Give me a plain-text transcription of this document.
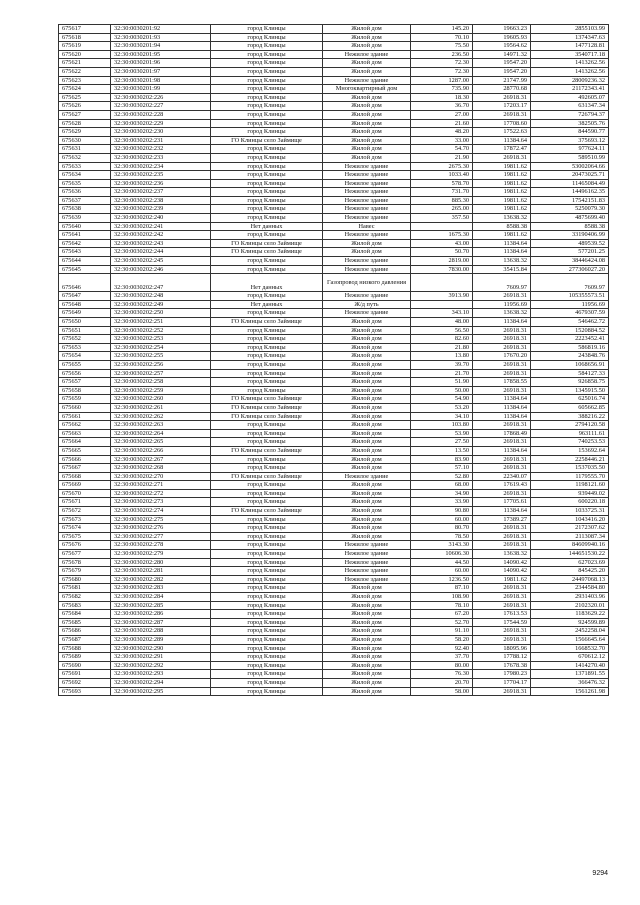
675617	32:30:0030201:92	город Клинцы	Жилой дом	145.20	19663.23	2855103.99
675618	32:30:0030201:93	город Клинцы	Жилой дом	70.10	19605.93	1374347.63
675619	32:30:0030201:94	город Клинцы	Жилой дом	75.50	19564.62	1477128.81
675620	32:30:0030201:95	город Клинцы	Нежилое здание	236.50	14971.32	3540717.18
675621	32:30:0030201:96	город Клинцы	Жилой дом	72.30	19547.20	1413262.56
675622	32:30:0030201:97	город Клинцы	Жилой дом	72.30	19547.20	1413262.56
675623	32:30:0030201:98	город Клинцы	Нежилое здание	1287.00	21747.99	28009236.32
675624	32:30:0030201:99	город Клинцы	Многоквартирный дом	735.90	28770.68	21172343.41
675625	32:30:0030202:226	город Клинцы	Жилой дом	18.30	26918.31	492605.07
675626	32:30:0030202:227	город Клинцы	Жилой дом	36.70	17203.17	631347.34
675627	32:30:0030202:228	город Клинцы	Жилой дом	27.00	26918.31	726794.37
675628	32:30:0030202:229	город Клинцы	Жилой дом	21.60	17708.60	382505.76
675629	32:30:0030202:230	город Клинцы	Жилой дом	48.20	17522.63	844590.77
675630	32:30:0030202:231	ГО Клинцы село Займище	Жилой дом	33.00	11384.64	375693.12
675631	32:30:0030202:232	город Клинцы	Жилой дом	54.70	17872.47	977624.11
675632	32:30:0030202:233	город Клинцы	Жилой дом	21.90	26918.31	589510.99
675633	32:30:0030202:234	город Клинцы	Нежилое здание	2675.30	19811.62	53002064.66
675634	32:30:0030202:235	город Клинцы	Нежилое здание	1033.40	19811.62	20473025.71
675635	32:30:0030202:236	город Клинцы	Нежилое здание	578.70	19811.62	11465084.49
675636	32:30:0030202:237	город Клинцы	Нежилое здание	731.70	19811.62	14496162.35
675637	32:30:0030202:238	город Клинцы	Нежилое здание	885.30	19811.62	17542151.83
675638	32:30:0030202:239	город Клинцы	Нежилое здание	265.00	19811.62	5250079.30
675639	32:30:0030202:240	город Клинцы	Нежилое здание	357.50	13638.32	4875699.40
675640	32:30:0030202:241	Нет данных	Навес		8588.38	8588.38
675641	32:30:0030202:242	город Клинцы	Нежилое здание	1675.30	19811.62	33190406.99
675642	32:30:0030202:243	ГО Клинцы село Займище	Жилой дом	43.00	11384.64	489539.52
675643	32:30:0030202:244	ГО Клинцы село Займище	Жилой дом	50.70	11384.64	577201.25
675644	32:30:0030202:245	город Клинцы	Нежилое здание	2819.00	13638.32	38446424.08
675645	32:30:0030202:246	город Клинцы	Нежилое здание	7830.00	35415.84	277306027.20
675646	32:30:0030202:247	Нет данных	Газопровод низкого давления		7609.97	7609.97
675647	32:30:0030202:248	город Клинцы	Нежилое здание	3913.90	26918.31	105355573.51
675648	32:30:0030202:249	Нет данных	Ж/д путь		11956.69	11956.69
675649	32:30:0030202:250	город Клинцы	Нежилое здание	343.10	13638.32	4679307.59
675650	32:30:0030202:251	ГО Клинцы село Займище	Жилой дом	48.00	11384.64	546462.72
675651	32:30:0030202:252	город Клинцы	Жилой дом	56.50	26918.31	1520884.52
675652	32:30:0030202:253	город Клинцы	Жилой дом	82.60	26918.31	2223452.41
675653	32:30:0030202:254	город Клинцы	Жилой дом	21.80	26918.31	586819.16
675654	32:30:0030202:255	город Клинцы	Жилой дом	13.80	17670.20	243848.76
675655	32:30:0030202:256	город Клинцы	Жилой дом	39.70	26918.31	1068656.91
675656	32:30:0030202:257	город Клинцы	Жилой дом	21.70	26918.31	584127.33
675657	32:30:0030202:258	город Клинцы	Жилой дом	51.90	17858.55	926858.75
675658	32:30:0030202:259	город Клинцы	Жилой дом	50.00	26918.31	1345915.50
675659	32:30:0030202:260	ГО Клинцы село Займище	Жилой дом	54.90	11384.64	625016.74
675660	32:30:0030202:261	ГО Клинцы село Займище	Жилой дом	53.20	11384.64	605662.85
675661	32:30:0030202:262	ГО Клинцы село Займище	Жилой дом	34.10	11384.64	388216.22
675662	32:30:0030202:263	город Клинцы	Жилой дом	103.80	26918.31	2794120.58
675663	32:30:0030202:264	город Клинцы	Жилой дом	53.90	17868.49	963111.61
675664	32:30:0030202:265	город Клинцы	Жилой дом	27.50	26918.31	740253.53
675665	32:30:0030202:266	ГО Клинцы село Займище	Жилой дом	13.50	11384.64	153692.64
675666	32:30:0030202:267	город Клинцы	Жилой дом	83.90	26918.31	2258446.21
675667	32:30:0030202:268	город Клинцы	Жилой дом	57.10	26918.31	1537035.50
675668	32:30:0030202:270	ГО Клинцы село Займище	Нежилое здание	52.80	22340.07	1179555.70
675669	32:30:0030202:271	город Клинцы	Жилой дом	68.00	17619.43	1198121.60
675670	32:30:0030202:272	город Клинцы	Жилой дом	34.90	26918.31	939449.02
675671	32:30:0030202:273	город Клинцы	Жилой дом	33.90	17705.61	600220.18
675672	32:30:0030202:274	ГО Клинцы село Займище	Жилой дом	90.80	11384.64	1033725.31
675673	32:30:0030202:275	город Клинцы	Жилой дом	60.00	17389.27	1043416.20
675674	32:30:0030202:276	город Клинцы	Жилой дом	80.70	26918.31	2172307.62
675675	32:30:0030202:277	город Клинцы	Жилой дом	78.50	26918.31	2113087.34
675676	32:30:0030202:278	город Клинцы	Нежилое здание	3143.30	26918.31	84609940.16
675677	32:30:0030202:279	город Клинцы	Нежилое здание	10606.30	13638.32	144651530.22
675678	32:30:0030202:280	город Клинцы	Нежилое здание	44.50	14090.42	627023.69
675679	32:30:0030202:281	город Клинцы	Нежилое здание	60.00	14090.42	845425.20
675680	32:30:0030202:282	город Клинцы	Нежилое здание	1236.50	19811.62	24497068.13
675681	32:30:0030202:283	город Клинцы	Жилой дом	87.10	26918.31	2344584.80
675682	32:30:0030202:284	город Клинцы	Жилой дом	108.90	26918.31	2931403.96
675683	32:30:0030202:285	город Клинцы	Жилой дом	78.10	26918.31	2102320.01
675684	32:30:0030202:286	город Клинцы	Жилой дом	67.20	17613.53	1183629.22
675685	32:30:0030202:287	город Клинцы	Жилой дом	52.70	17544.59	924599.89
675686	32:30:0030202:288	город Клинцы	Жилой дом	91.10	26918.31	2452258.04
675687	32:30:0030202:289	город Клинцы	Жилой дом	58.20	26918.31	1566645.64
675688	32:30:0030202:290	город Клинцы	Жилой дом	92.40	18095.96	1668532.70
675689	32:30:0030202:291	город Клинцы	Жилой дом	37.70	17788.12	670612.12
675690	32:30:0030202:292	город Клинцы	Жилой дом	80.00	17678.38	1414270.40
675691	32:30:0030202:293	город Клинцы	Жилой дом	76.30	17980.23	1371891.55
675692	32:30:0030202:294	город Клинцы	Жилой дом	20.70	17704.17	366476.32
675693	32:30:0030202:295	город Клинцы	Жилой дом	58.00	26918.31	1561261.98
9294
